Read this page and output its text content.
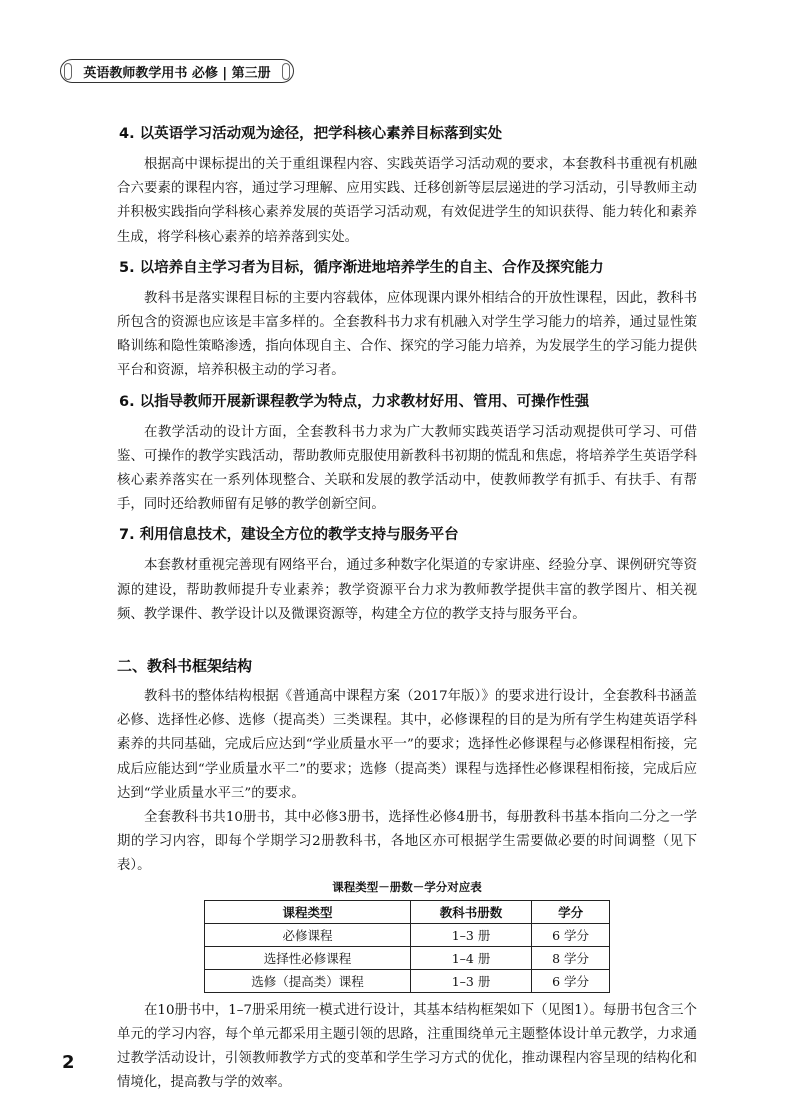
英语教师教学用书 必修 | 第三册
4. 以英语学习活动观为途径，把学科核心素养目标落到实处

根据高中课标提出的关于重组课程内容、实践英语学习活动观的要求，本套教科书重视有机融合六要素的课程内容，通过学习理解、应用实践、迁移创新等层层递进的学习活动，引导教师主动并积极实践指向学科核心素养发展的英语学习活动观，有效促进学生的知识获得、能力转化和素养生成，将学科核心素养的培养落到实处。

5. 以培养自主学习者为目标，循序渐进地培养学生的自主、合作及探究能力

教科书是落实课程目标的主要内容载体，应体现课内课外相结合的开放性课程，因此，教科书所包含的资源也应该是丰富多样的。全套教科书力求有机融入对学生学习能力的培养，通过显性策略训练和隐性策略渗透，指向体现自主、合作、探究的学习能力培养，为发展学生的学习能力提供平台和资源，培养积极主动的学习者。

6. 以指导教师开展新课程教学为特点，力求教材好用、管用、可操作性强

在教学活动的设计方面，全套教科书力求为广大教师实践英语学习活动观提供可学习、可借鉴、可操作的教学实践活动，帮助教师克服使用新教科书初期的慌乱和焦虑，将培养学生英语学科核心素养落实在一系列体现整合、关联和发展的教学活动中，使教师教学有抓手、有扶手、有帮手，同时还给教师留有足够的教学创新空间。

7. 利用信息技术，建设全方位的教学支持与服务平台

本套教材重视完善现有网络平台，通过多种数字化渠道的专家讲座、经验分享、课例研究等资源的建设，帮助教师提升专业素养；教学资源平台力求为教师教学提供丰富的教学图片、相关视频、教学课件、教学设计以及微课资源等，构建全方位的教学支持与服务平台。

二、教科书框架结构

教科书的整体结构根据《普通高中课程方案（2017年版）》的要求进行设计，全套教科书涵盖必修、选择性必修、选修（提高类）三类课程。其中，必修课程的目的是为所有学生构建英语学科素养的共同基础，完成后应达到“学业质量水平一”的要求；选择性必修课程与必修课程相衔接，完成后应能达到“学业质量水平二”的要求；选修（提高类）课程与选择性必修课程相衔接，完成后应达到“学业质量水平三”的要求。

全套教科书共10册书，其中必修3册书，选择性必修4册书，每册教科书基本指向二分之一学期的学习内容，即每个学期学习2册教科书，各地区亦可根据学生需要做必要的时间调整（见下表）。

课程类型－册数－学分对应表
课程类型	教科书册数	学分
必修课程	1–3 册	6 学分
选择性必修课程	1–4 册	8 学分
选修（提高类）课程	1–3 册	6 学分

在10册书中，1–7册采用统一模式进行设计，其基本结构框架如下（见图1）。每册书包含三个单元的学习内容，每个单元都采用主题引领的思路，注重围绕单元主题整体设计单元教学，力求通过教学活动设计，引领教师教学方式的变革和学生学习方式的优化，推动课程内容呈现的结构化和情境化，提高教与学的效率。

2
